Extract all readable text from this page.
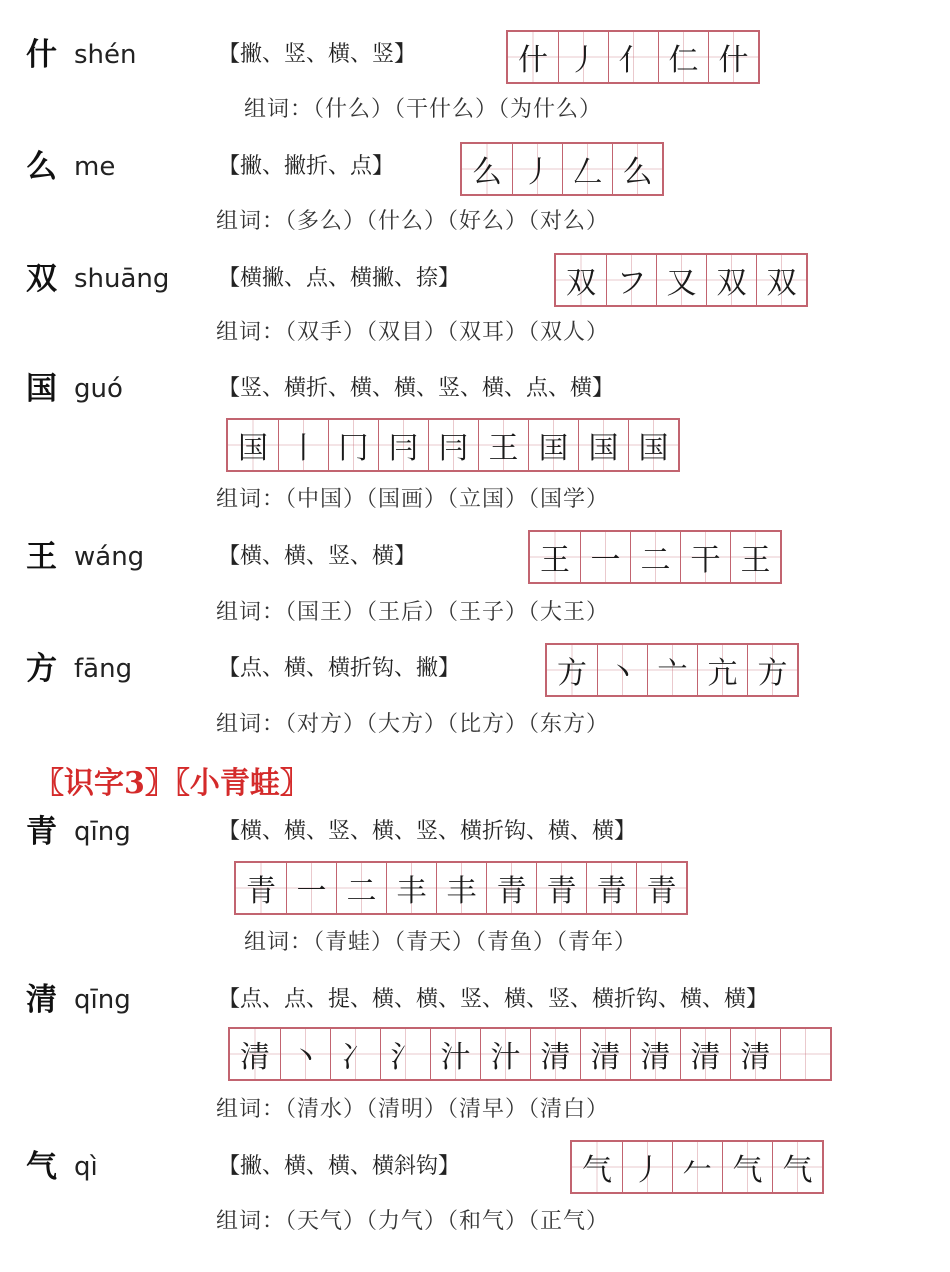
什 shén	【撇、竖、横、竖】	什 丿 亻 仁 什
组词：（什么）（干什么）（为什么）
么 me	【撇、撇折、点】	么 丿 𠃋 么
组词：（多么）（什么）（好么）（对么）
双 shuāng 【横撇、点、横撇、捺】	双 フ 又 双 双
组词：（双手）（双目）（双耳）（双人）
国 guó	【竖、横折、横、横、竖、横、点、横】
国 丨 冂 冃 冃 王 囯 国 国
组词：（中国）（国画）（立国）（国学）
王 wáng	【横、横、竖、横】	王 一 二 干 王
组词：（国王）（王后）（王子）（大王）
方 fāng	【点、横、横折钩、撇】	方 丶 亠 亢 方
组词：（对方）（大方）（比方）（东方）
〖识字3〗〖小青蛙〗
青 qīng	【横、横、竖、横、竖、横折钩、横、横】
青 一 二 丰 丰 青 青 青 青
组词：（青蛙）（青天）（青鱼）（青年）
清 qīng	【点、点、提、横、横、竖、横、竖、横折钩、横、横】
清 丶 冫 氵 汁 汁 清 清 清 清 清
组词：（清水）（清明）（清早）（清白）
气 qì	【撇、横、横、横斜钩】	气 丿 𠂉 气 气
组词：（天气）（力气）（和气）（正气）
